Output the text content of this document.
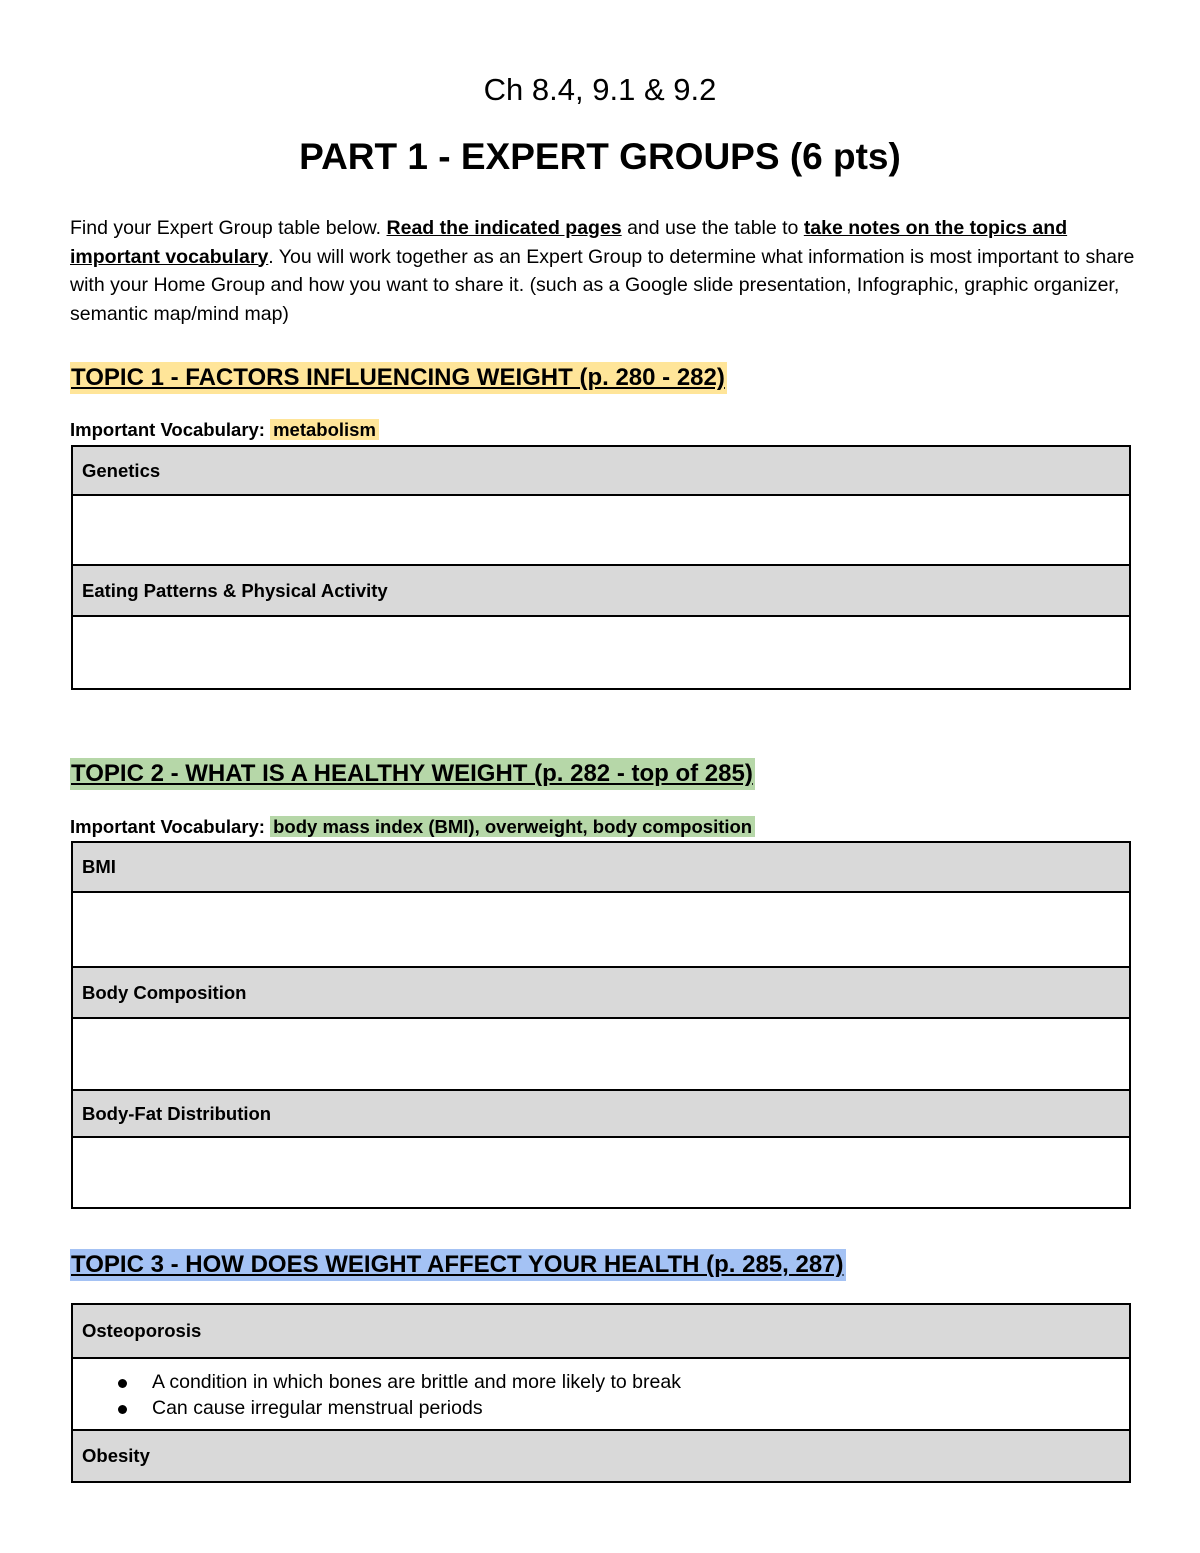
Ch 8.4, 9.1 & 9.2
PART 1 - EXPERT GROUPS (6 pts)
Find your Expert Group table below. Read the indicated pages and use the table to take notes on the topics and important vocabulary. You will work together as an Expert Group to determine what information is most important to share with your Home Group and how you want to share it. (such as a Google slide presentation, Infographic, graphic organizer, semantic map/mind map)
TOPIC 1 - FACTORS INFLUENCING WEIGHT (p. 280 - 282)
Important Vocabulary: metabolism
Genetics
Eating Patterns & Physical Activity
TOPIC 2 - WHAT IS A HEALTHY WEIGHT (p. 282 - top of 285)
Important Vocabulary: body mass index (BMI), overweight, body composition
BMI
Body Composition
Body-Fat Distribution
TOPIC 3 - HOW DOES WEIGHT AFFECT YOUR HEALTH (p. 285, 287)
Osteoporosis
A condition in which bones are brittle and more likely to break
Can cause irregular menstrual periods
Obesity
